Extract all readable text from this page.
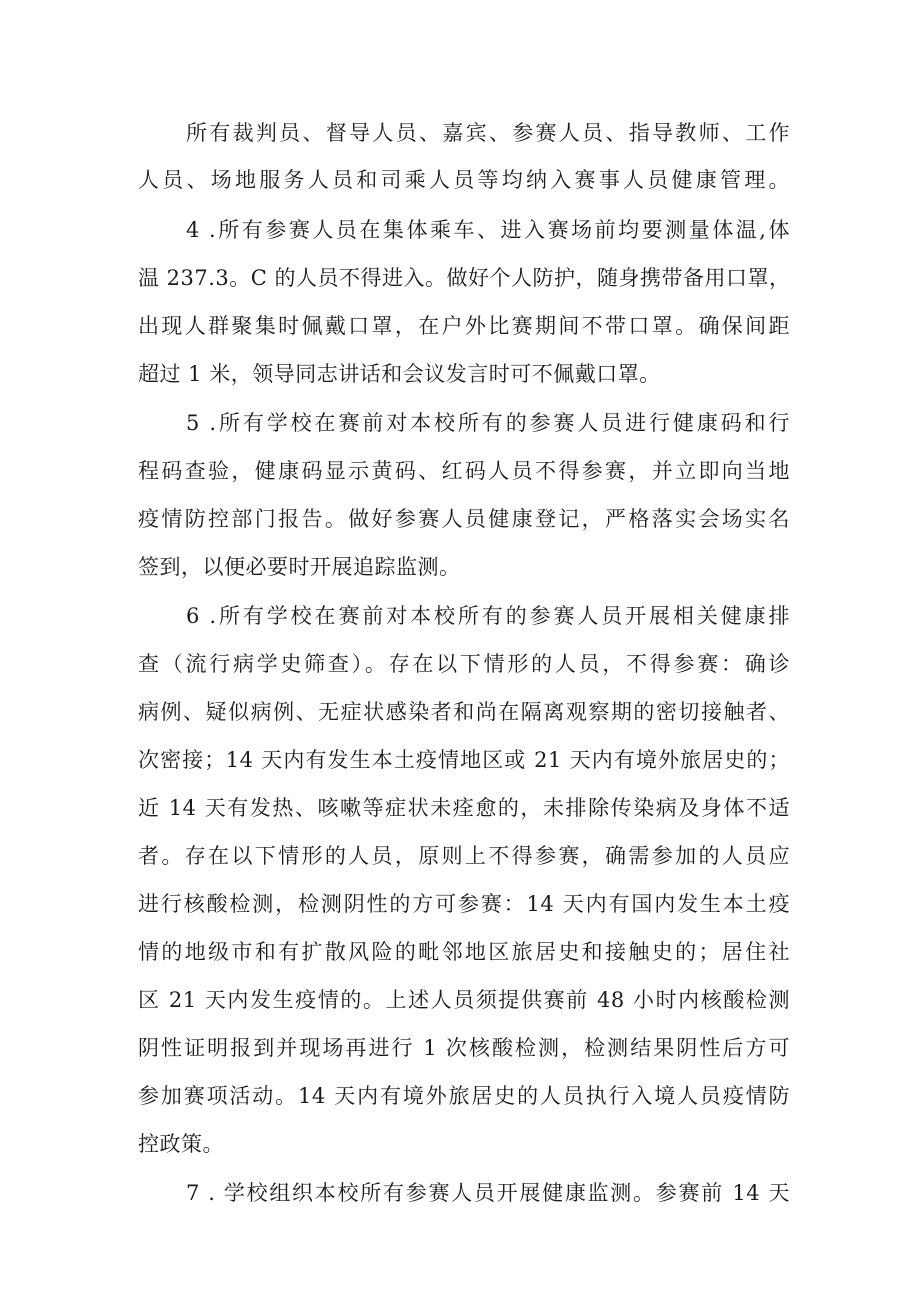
所有裁判员、督导人员、嘉宾、参赛人员、指导教师、工作
人员、场地服务人员和司乘人员等均纳入赛事人员健康管理。
4 .所有参赛人员在集体乘车、进入赛场前均要测量体温,体
温 237.3。C 的人员不得进入。做好个人防护，随身携带备用口罩，
出现人群聚集时佩戴口罩，在户外比赛期间不带口罩。确保间距
超过 1 米，领导同志讲话和会议发言时可不佩戴口罩。
5 .所有学校在赛前对本校所有的参赛人员进行健康码和行
程码查验，健康码显示黄码、红码人员不得参赛，并立即向当地
疫情防控部门报告。做好参赛人员健康登记，严格落实会场实名
签到，以便必要时开展追踪监测。
6 .所有学校在赛前对本校所有的参赛人员开展相关健康排
查（流行病学史筛查）。存在以下情形的人员，不得参赛：确诊
病例、疑似病例、无症状感染者和尚在隔离观察期的密切接触者、
次密接；14 天内有发生本土疫情地区或 21 天内有境外旅居史的；
近 14 天有发热、咳嗽等症状未痊愈的，未排除传染病及身体不适
者。存在以下情形的人员，原则上不得参赛，确需参加的人员应
进行核酸检测，检测阴性的方可参赛：14 天内有国内发生本土疫
情的地级市和有扩散风险的毗邻地区旅居史和接触史的；居住社
区 21 天内发生疫情的。上述人员须提供赛前 48 小时内核酸检测
阴性证明报到并现场再进行 1 次核酸检测，检测结果阴性后方可
参加赛项活动。14 天内有境外旅居史的人员执行入境人员疫情防
控政策。
7 . 学校组织本校所有参赛人员开展健康监测。参赛前 14 天
